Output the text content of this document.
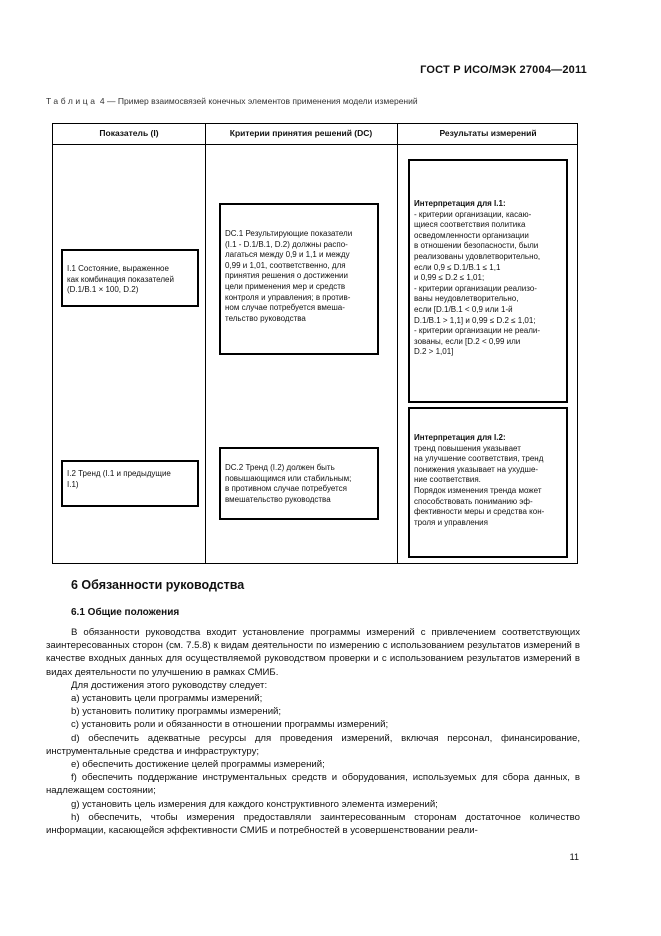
ГОСТ Р ИСО/МЭК 27004—2011
Таблица 4 — Пример взаимосвязей конечных элементов применения модели измерений
Показатель (I)	Критерии принятия решений (DC)	Результаты измерений
I.1 Состояние, выраженное
как комбинация показателей
(D.1/B.1 × 100, D.2)
DC.1 Результирующие показатели
(I.1 - D.1/B.1, D.2) должны распо-
лагаться между 0,9 и 1,1 и между
0,99 и 1,01, соответственно, для
принятия решения о достижении
цели применения мер и средств
контроля и управления; в против-
ном случае потребуется вмеша-
тельство руководства
Интерпретация для I.1:
- критерии организации, касаю-
щиеся соответствия политика
осведомленности организации
в отношении безопасности, были
реализованы удовлетворительно,
если 0,9 ≤ D.1/B.1 ≤ 1,1
и 0,99 ≤ D.2 ≤ 1,01;
- критерии организации реализо-
ваны неудовлетворительно,
если [D.1/B.1 < 0,9 или 1-й
D.1/B.1 > 1,1] и 0,99 ≤ D.2 ≤ 1,01;
- критерии организации не реали-
зованы, если [D.2 < 0,99 или
D.2 > 1,01]
I.2 Тренд (I.1 и предыдущие
I.1)
DC.2 Тренд (I.2) должен быть
повышающимся или стабильным;
в противном случае потребуется
вмешательство руководства
Интерпретация для I.2:
тренд повышения указывает
на улучшение соответствия, тренд
понижения указывает на ухудше-
ние соответствия.
Порядок изменения тренда может
способствовать пониманию эф-
фективности меры и средства кон-
троля и управления
6 Обязанности руководства
6.1 Общие положения
В обязанности руководства входит установление программы измерений с привлечением соответствующих заинтересованных сторон (см. 7.5.8) к видам деятельности по измерению с использованием результатов измерений в качестве входных данных для осуществляемой руководством проверки и с использованием результатов измерений в видах деятельности по улучшению в рамках СМИБ.
Для достижения этого руководству следует:
а) установить цели программы измерений;
b) установить политику программы измерений;
с) установить роли и обязанности в отношении программы измерений;
d) обеспечить адекватные ресурсы для проведения измерений, включая персонал, финансирование, инструментальные средства и инфраструктуру;
e) обеспечить достижение целей программы измерений;
f) обеспечить поддержание инструментальных средств и оборудования, используемых для сбора данных, в надлежащем состоянии;
g) установить цель измерения для каждого конструктивного элемента измерений;
h) обеспечить, чтобы измерения предоставляли заинтересованным сторонам достаточное количество информации, касающейся эффективности СМИБ и потребностей в усовершенствовании реали-
11
